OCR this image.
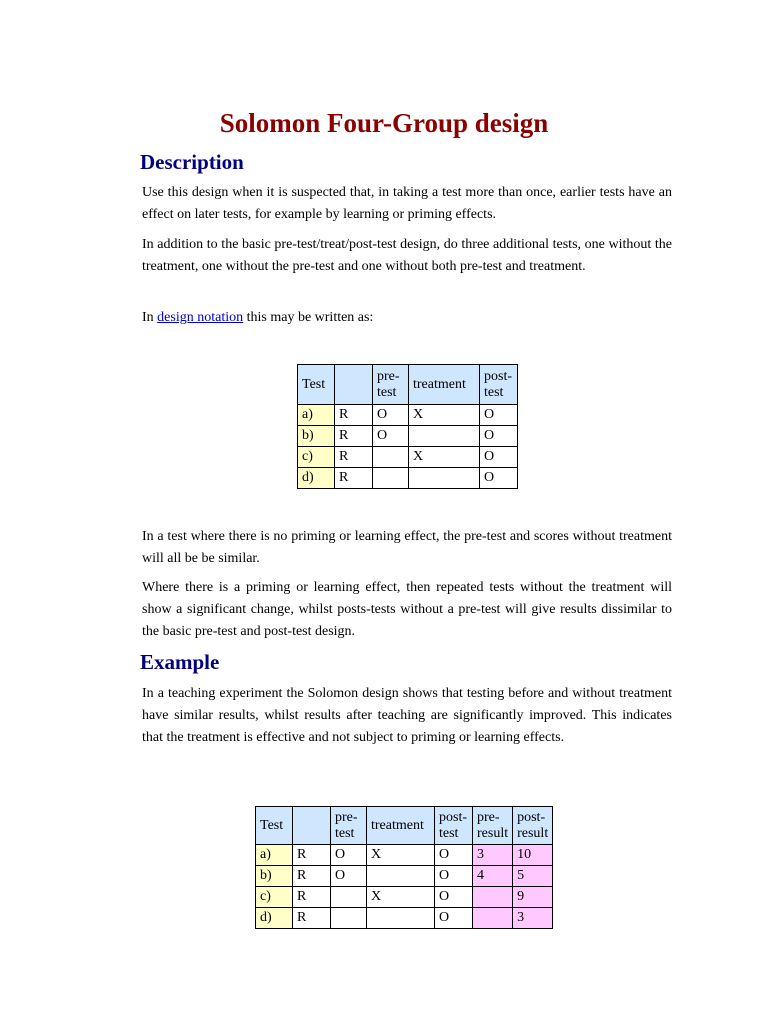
Solomon Four-Group design
Description

Use this design when it is suspected that, in taking a test more than once, earlier tests have an effect on later tests, for example by learning or priming effects.

In addition to the basic pre-test/treat/post-test design, do three additional tests, one without the treatment, one without the pre-test and one without both pre-test and treatment.

In design notation this may be written as:

Test		pre-test	treatment	post-test
a)	R	O	X	O
b)	R	O		O
c)	R		X	O
d)	R			O

In a test where there is no priming or learning effect, the pre-test and scores without treatment will all be be similar.

Where there is a priming or learning effect, then repeated tests without the treatment will show a significant change, whilst posts-tests without a pre-test will give results dissimilar to the basic pre-test and post-test design.

Example

In a teaching experiment the Solomon design shows that testing before and without treatment have similar results, whilst results after teaching are significantly improved. This indicates that the treatment is effective and not subject to priming or learning effects.

Test		pre-test	treatment	post-test	pre-result	post-result
a)	R	O	X	O	3	10
b)	R	O		O	4	5
c)	R		X	O		9
d)	R			O		3
